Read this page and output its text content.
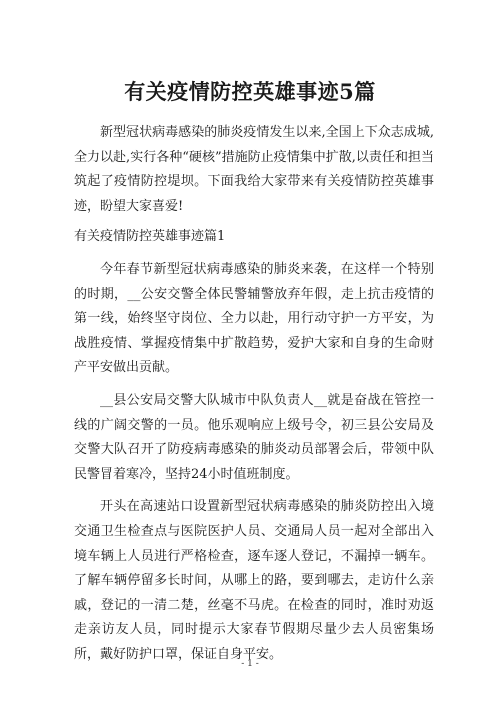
有关疫情防控英雄事迹5篇

新型冠状病毒感染的肺炎疫情发生以来,全国上下众志成城,全力以赴,实行各种“硬核”措施防止疫情集中扩散,以责任和担当筑起了疫情防控堤坝。下面我给大家带来有关疫情防控英雄事迹，盼望大家喜爱!

有关疫情防控英雄事迹篇1

今年春节新型冠状病毒感染的肺炎来袭，在这样一个特别的时期，__公安交警全体民警辅警放弃年假，走上抗击疫情的第一线，始终坚守岗位、全力以赴，用行动守护一方平安，为战胜疫情、掌握疫情集中扩散趋势，爱护大家和自身的生命财产平安做出贡献。

__县公安局交警大队城市中队负责人__就是奋战在管控一线的广阔交警的一员。他乐观响应上级号令，初三县公安局及交警大队召开了防疫病毒感染的肺炎动员部署会后，带领中队民警冒着寒冷，坚持24小时值班制度。

开头在高速站口设置新型冠状病毒感染的肺炎防控出入境交通卫生检查点与医院医护人员、交通局人员一起对全部出入境车辆上人员进行严格检查，逐车逐人登记，不漏掉一辆车。了解车辆停留多长时间，从哪上的路，要到哪去，走访什么亲戚，登记的一清二楚，丝毫不马虎。在检查的同时，准时劝返走亲访友人员，同时提示大家春节假期尽量少去人员密集场所，戴好防护口罩，保证自身平安。

- 1 -
